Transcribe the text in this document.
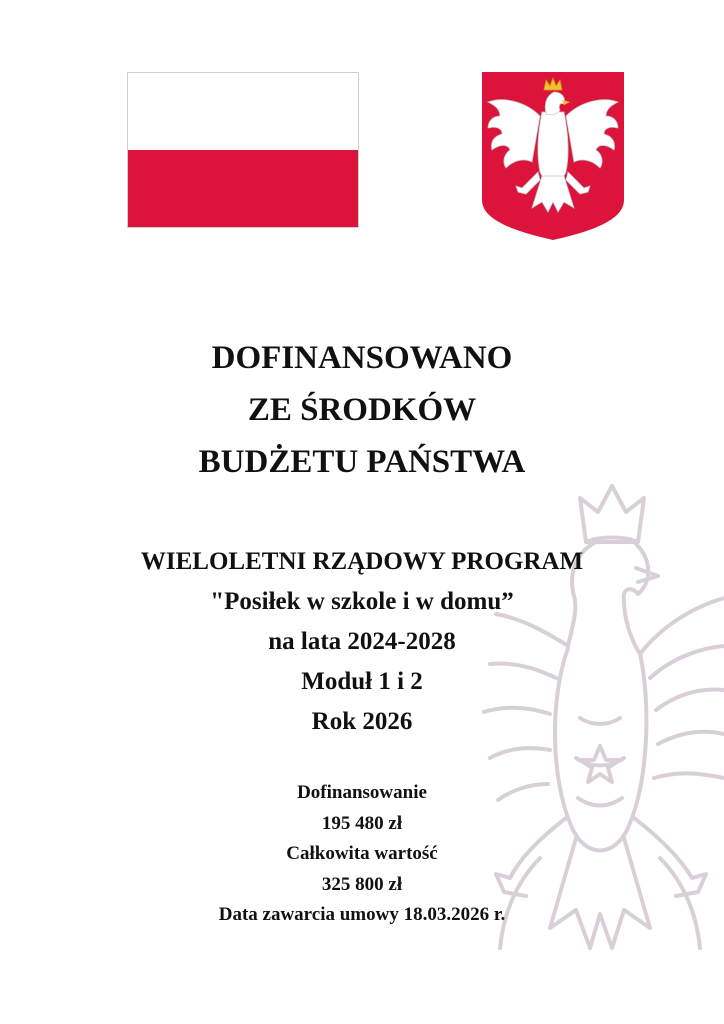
DOFINANSOWANO
ZE ŚRODKÓW
BUDŻETU PAŃSTWA
WIELOLETNI RZĄDOWY PROGRAM
"Posiłek w szkole i w domu”
na lata 2024-2028
Moduł 1 i 2
Rok 2026
Dofinansowanie
195 480 zł
Całkowita wartość
325 800 zł
Data zawarcia umowy 18.03.2026 r.
